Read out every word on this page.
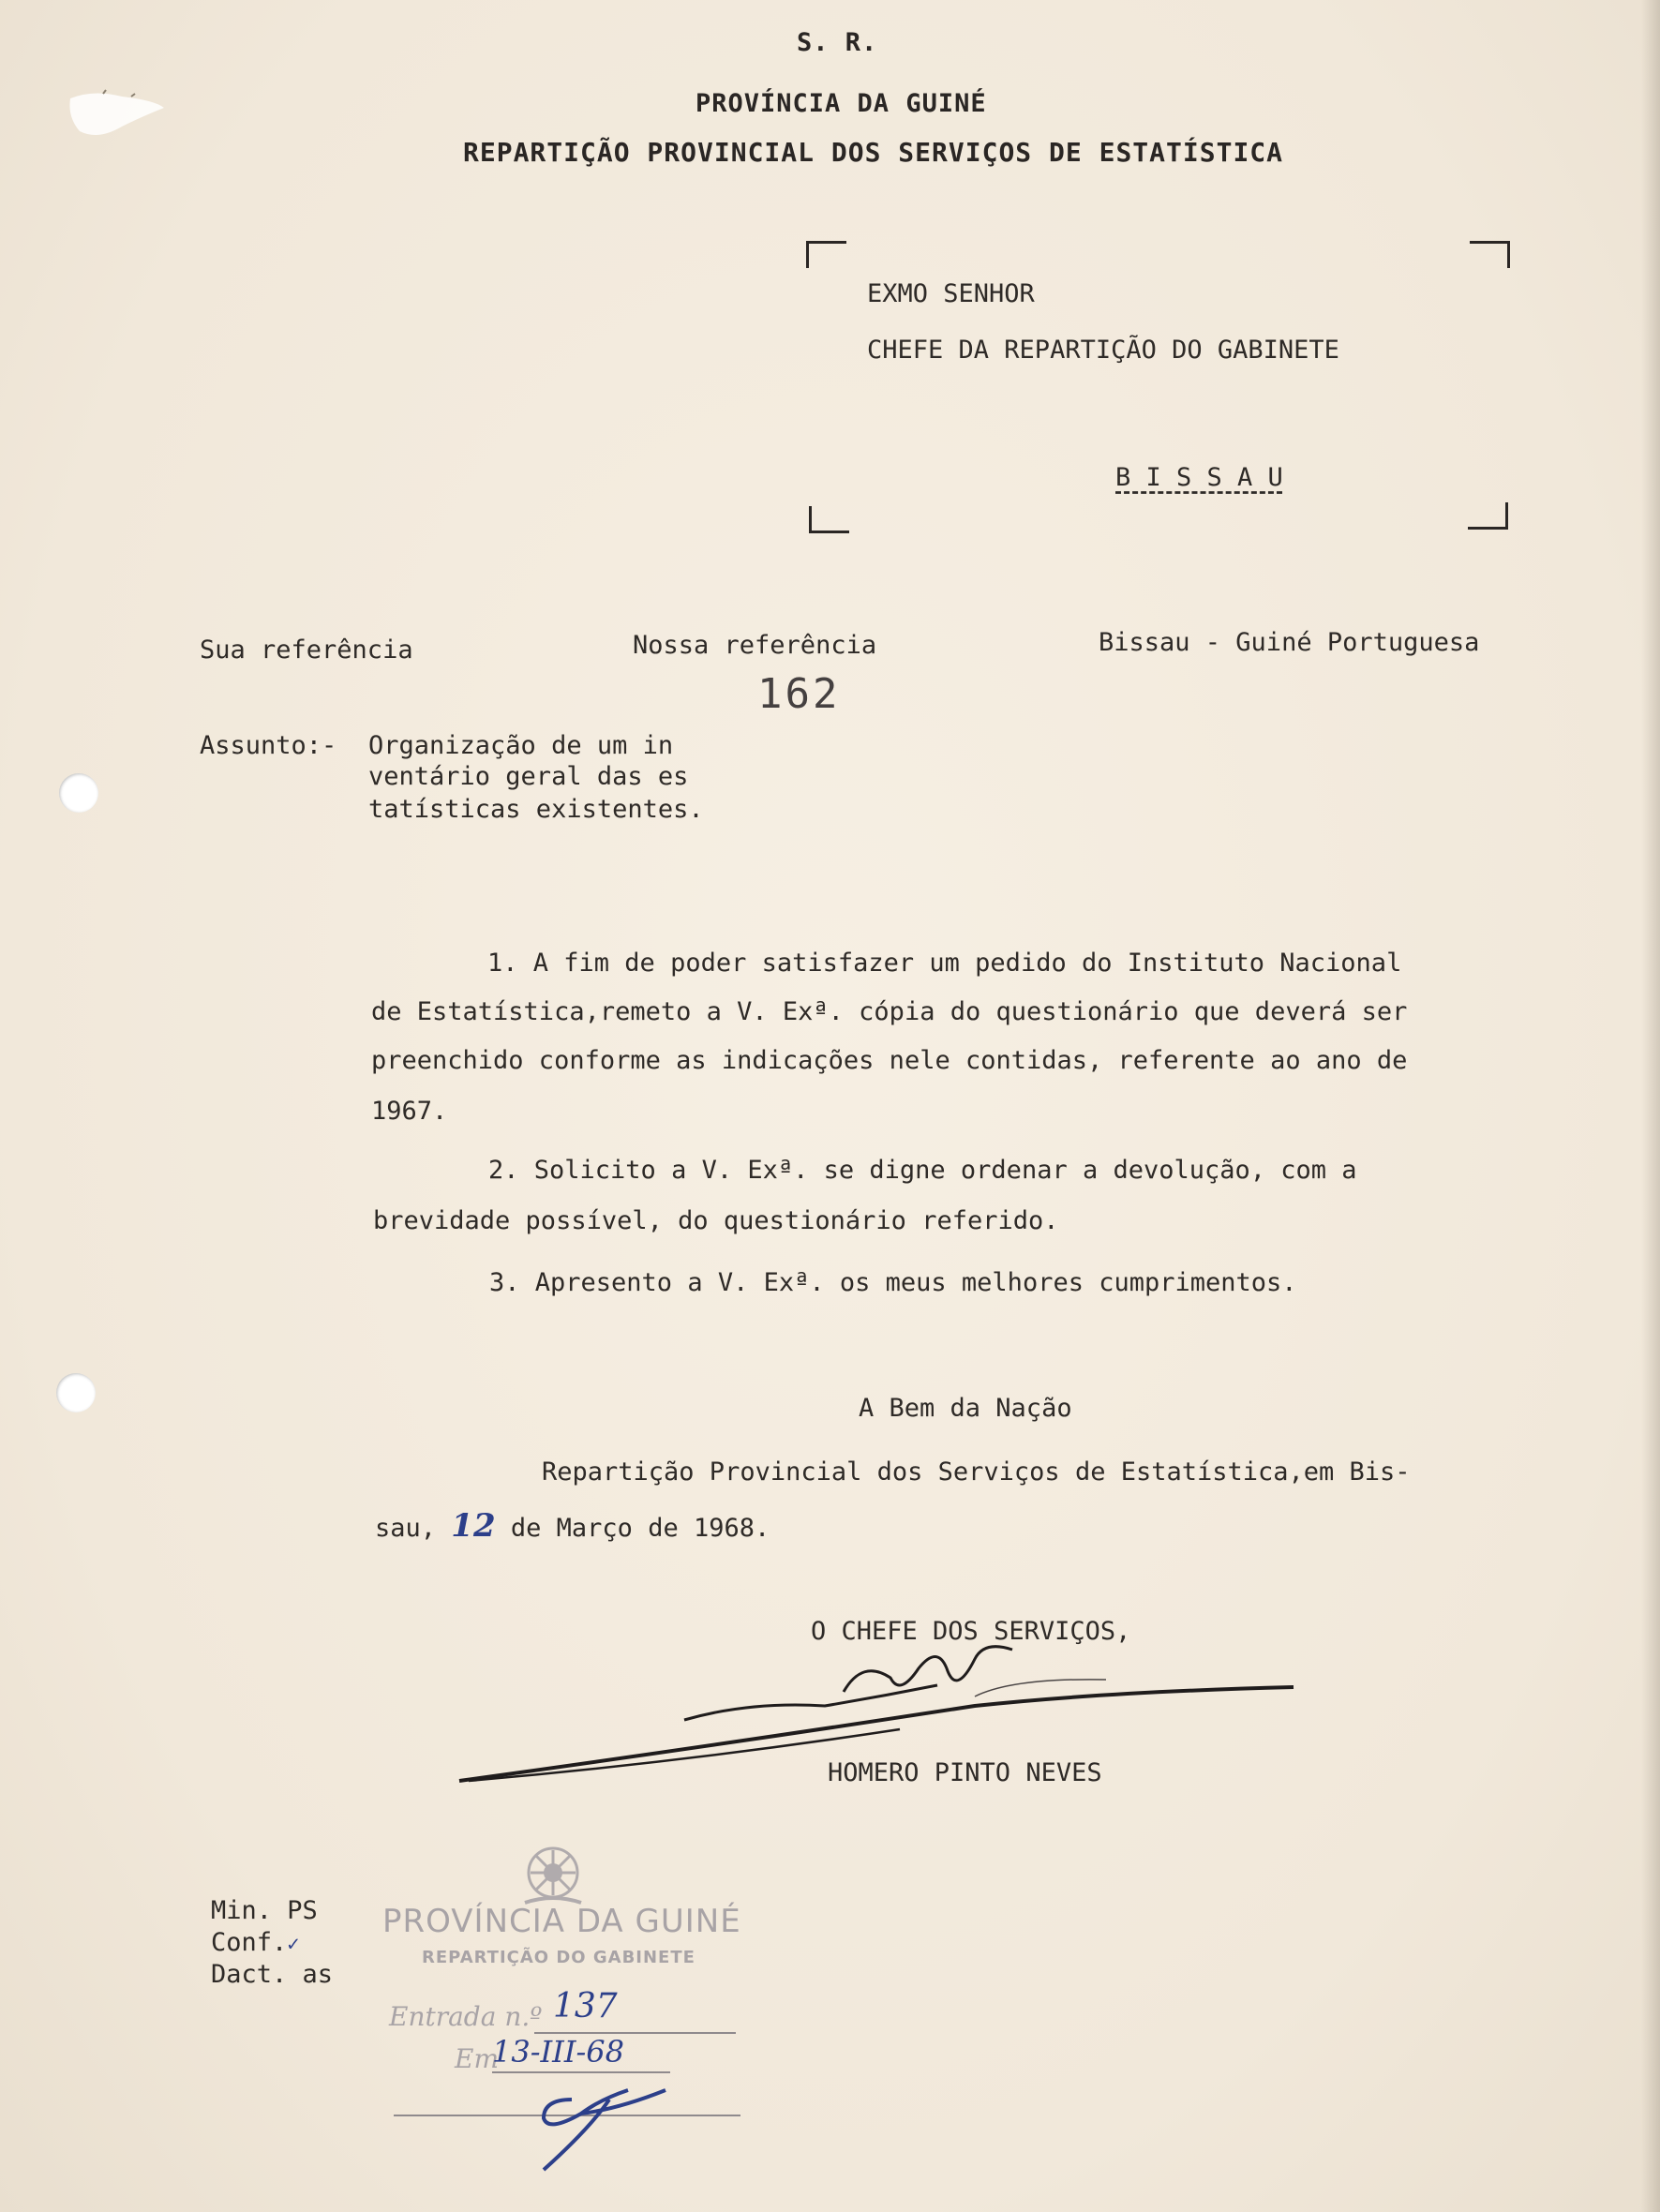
S. R.
PROVÍNCIA DA GUINÉ
REPARTIÇÃO PROVINCIAL DOS SERVIÇOS DE ESTATÍSTICA
EXMO SENHOR
CHEFE DA REPARTIÇÃO DO GABINETE
B I S S A U
Sua referência	Nossa referência
162
Bissau - Guiné Portuguesa
Assunto:- Organização de um in
ventário geral das es
tatísticas existentes.
1. A fim de poder satisfazer um pedido do Instituto Nacional
de Estatística,remeto a V. Exª. cópia do questionário que deverá ser
preenchido conforme as indicações nele contidas, referente ao ano de
1967.
2. Solicito a V. Exª. se digne ordenar a devolução, com a
brevidade possível, do questionário referido.
3. Apresento a V. Exª. os meus melhores cumprimentos.
A Bem da Nação
Repartição Provincial dos Serviços de Estatística,em Bis-
sau, 12 de Março de 1968.
O CHEFE DOS SERVIÇOS,
HOMERO PINTO NEVES
Min. PS
Conf.✓
Dact. as
PROVÍNCIA DA GUINÉ
REPARTIÇÃO DO GABINETE
Entrada n.º 137
Em
13-III-68
